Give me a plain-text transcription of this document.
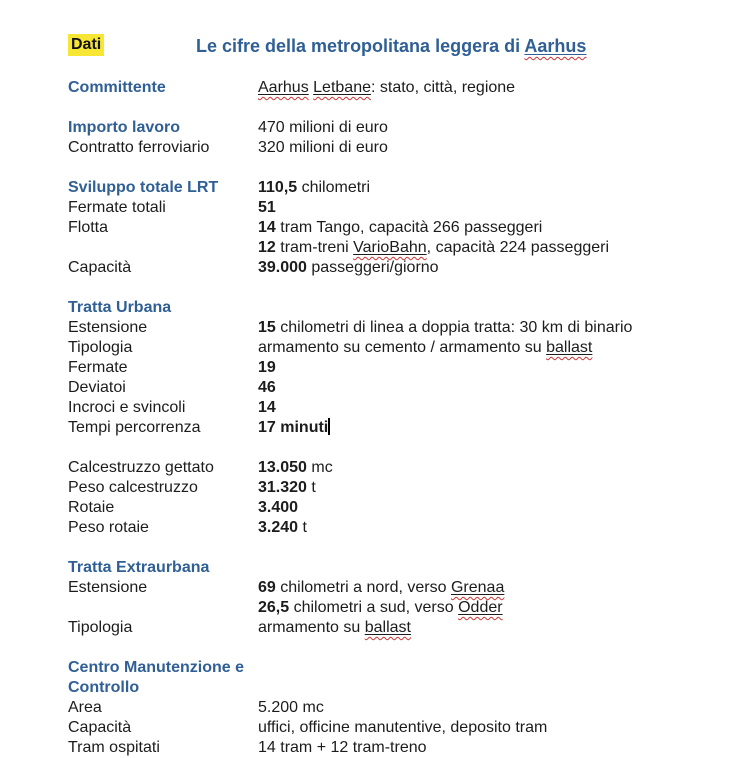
Dati	Le cifre della metropolitana leggera di Aarhus
Committente	Aarhus Letbane: stato, città, regione
Importo lavoro	470 milioni di euro
Contratto ferroviario	320 milioni di euro
Sviluppo totale LRT	110,5 chilometri
Fermate totali	51
Flotta	14 tram Tango, capacità 266 passeggeri
12 tram-treni VarioBahn, capacità 224 passeggeri
Capacità	39.000 passeggeri/giorno
Tratta Urbana
Estensione	15 chilometri di linea a doppia tratta: 30 km di binario
Tipologia	armamento su cemento / armamento su ballast
Fermate	19
Deviatoi	46
Incroci e svincoli	14
Tempi percorrenza	17 minuti
Calcestruzzo gettato	13.050 mc
Peso calcestruzzo	31.320 t
Rotaie	3.400
Peso rotaie	3.240 t
Tratta Extraurbana
Estensione	69 chilometri a nord, verso Grenaa
26,5 chilometri a sud, verso Odder
Tipologia	armamento su ballast
Centro Manutenzione e Controllo
Area	5.200 mc
Capacità	uffici, officine manutentive, deposito tram
Tram ospitati	14 tram + 12 tram-treno
